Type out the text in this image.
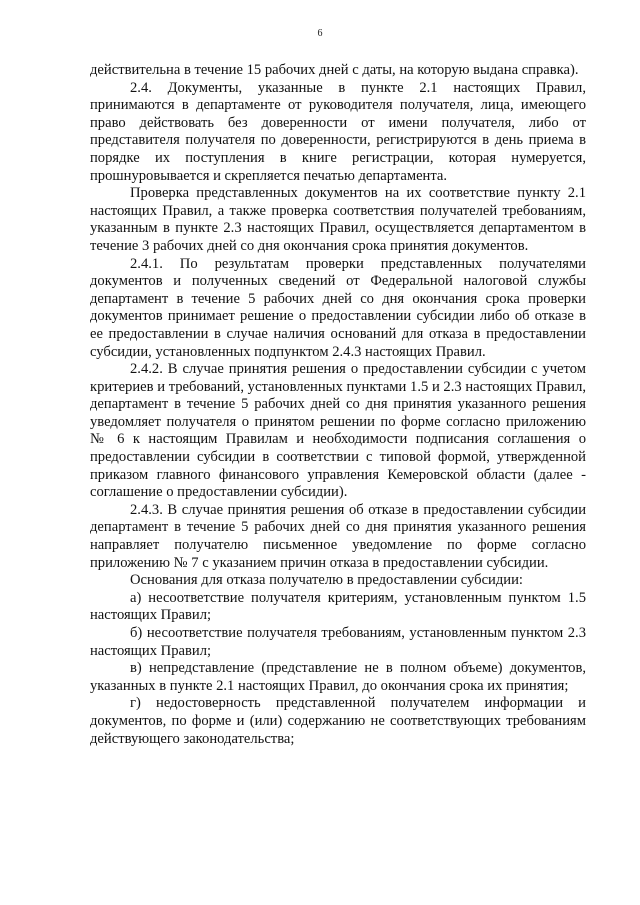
6

действительна в течение 15 рабочих дней с даты, на которую выдана справка).

2.4. Документы, указанные в пункте 2.1 настоящих Правил, принимаются в департаменте от руководителя получателя, лица, имеющего право действовать без доверенности от имени получателя, либо от представителя получателя по доверенности, регистрируются в день приема в порядке их поступления в книге регистрации, которая нумеруется, прошнуровывается и скрепляется печатью департамента.

Проверка представленных документов на их соответствие пункту 2.1 настоящих Правил, а также проверка соответствия получателей требованиям, указанным в пункте 2.3 настоящих Правил, осуществляется департаментом в течение 3 рабочих дней со дня окончания срока принятия документов.

2.4.1. По результатам проверки представленных получателями документов и полученных сведений от Федеральной налоговой службы департамент в течение 5 рабочих дней со дня окончания срока проверки документов принимает решение о предоставлении субсидии либо об отказе в ее предоставлении в случае наличия оснований для отказа в предоставлении субсидии, установленных подпунктом 2.4.3 настоящих Правил.

2.4.2. В случае принятия решения о предоставлении субсидии с учетом критериев и требований, установленных пунктами 1.5 и 2.3 настоящих Правил, департамент в течение 5 рабочих дней со дня принятия указанного решения уведомляет получателя о принятом решении по форме согласно приложению № 6 к настоящим Правилам и необходимости подписания соглашения о предоставлении субсидии в соответствии с типовой формой, утвержденной приказом главного финансового управления Кемеровской области (далее - соглашение о предоставлении субсидии).

2.4.3. В случае принятия решения об отказе в предоставлении субсидии департамент в течение 5 рабочих дней со дня принятия указанного решения направляет получателю письменное уведомление по форме согласно приложению № 7 с указанием причин отказа в предоставлении субсидии.

Основания для отказа получателю в предоставлении субсидии:

а) несоответствие получателя критериям, установленным пунктом 1.5 настоящих Правил;

б) несоответствие получателя требованиям, установленным пунктом 2.3 настоящих Правил;

в) непредставление (представление не в полном объеме) документов, указанных в пункте 2.1 настоящих Правил, до окончания срока их принятия;

г) недостоверность представленной получателем информации и документов, по форме и (или) содержанию не соответствующих требованиям действующего законодательства;
